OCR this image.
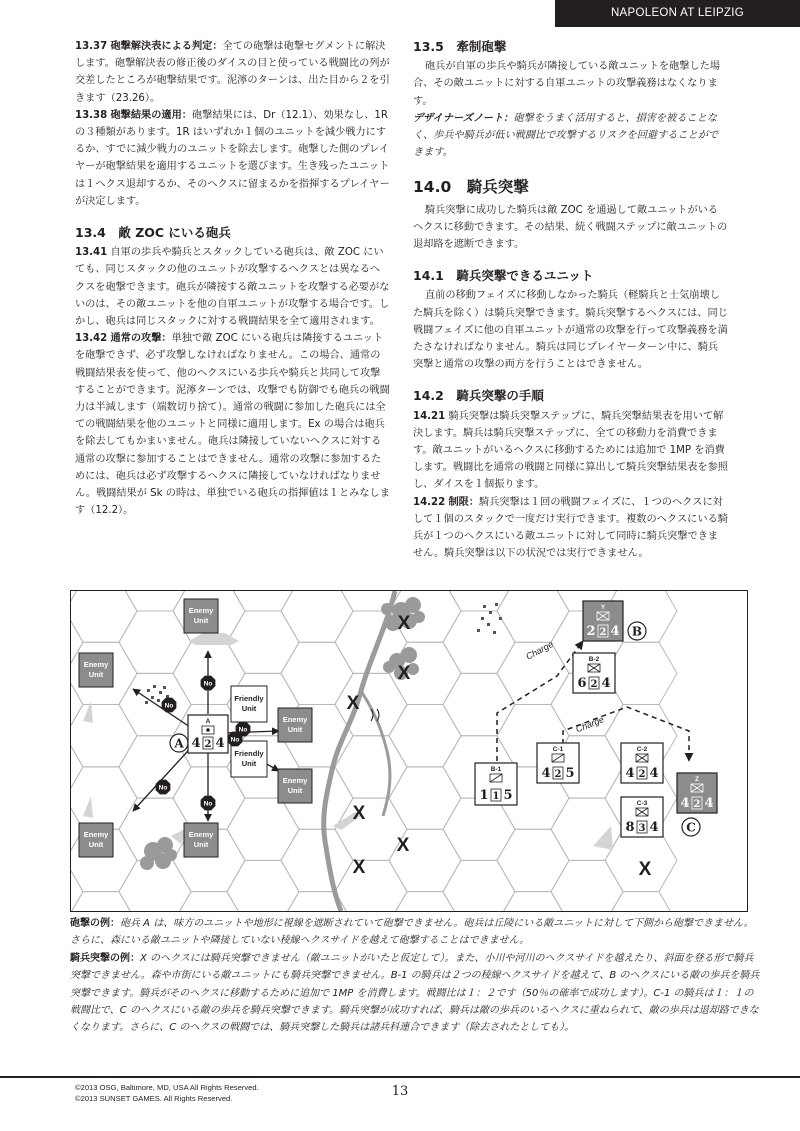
NAPOLEON AT LEIPZIG

13.37 砲撃解決表による判定：全ての砲撃は砲撃セグメントに解決します。砲撃解決表の修正後のダイスの目と使っている戦闘比の列が交差したところが砲撃結果です。泥濘のターンは、出た目から２を引きます（23.26）。

13.38 砲撃結果の適用：砲撃結果には、Dr（12.1）、効果なし、1R の３種類があります。1R はいずれか１個のユニットを減少戦力にするか、すでに減少戦力のユニットを除去します。砲撃した側のプレイヤーが砲撃結果を適用するユニットを選びます。生き残ったユニットは１ヘクス退却するか、そのヘクスに留まるかを指揮するプレイヤーが決定します。

13.4　敵 ZOC にいる砲兵

13.41 自軍の歩兵や騎兵とスタックしている砲兵は、敵 ZOC にいても、同じスタックの他のユニットが攻撃するヘクスとは異なるヘクスを砲撃できます。砲兵が隣接する敵ユニットを攻撃する必要がないのは、その敵ユニットを他の自軍ユニットが攻撃する場合です。しかし、砲兵は同じスタックに対する戦闘結果を全て適用されます。

13.42 通常の攻撃：単独で敵 ZOC にいる砲兵は隣接するユニットを砲撃できず、必ず攻撃しなければなりません。この場合、通常の戦闘結果表を使って、他のヘクスにいる歩兵や騎兵と共同して攻撃することができます。泥濘ターンでは、攻撃でも防御でも砲兵の戦闘力は半減します（端数切り捨て）。通常の戦闘に参加した砲兵には全ての戦闘結果を他のユニットと同様に適用します。Ex の場合は砲兵を除去してもかまいません。砲兵は隣接していないヘクスに対する通常の攻撃に参加することはできません。通常の攻撃に参加するためには、砲兵は必ず攻撃するヘクスに隣接していなければなりません。戦闘結果が Sk の時は、単独でいる砲兵の指揮値は１とみなします（12.2）。

13.5　牽制砲撃

砲兵が自軍の歩兵や騎兵が隣接している敵ユニットを砲撃した場合、その敵ユニットに対する自軍ユニットの攻撃義務はなくなります。

デザイナーズノート：砲撃をうまく活用すると、損害を被ることなく、歩兵や騎兵が低い戦闘比で攻撃するリスクを回避することができます。

14.0　騎兵突撃

騎兵突撃に成功した騎兵は敵 ZOC を通過して敵ユニットがいるヘクスに移動できます。その結果、続く戦闘ステップに敵ユニットの退却路を遮断できます。

14.1　騎兵突撃できるユニット

直前の移動フェイズに移動しなかった騎兵（軽騎兵と士気崩壊した騎兵を除く）は騎兵突撃できます。騎兵突撃するヘクスには、同じ戦闘フェイズに他の自軍ユニットが通常の攻撃を行って攻撃義務を満たさなければなりません。騎兵は同じプレイヤーターン中に、騎兵突撃と通常の攻撃の両方を行うことはできません。

14.2　騎兵突撃の手順

14.21 騎兵突撃は騎兵突撃ステップに、騎兵突撃結果表を用いて解決します。騎兵は騎兵突撃ステップに、全ての移動力を消費できます。敵ユニットがいるヘクスに移動するためには追加で 1MP を消費します。戦闘比を通常の戦闘と同様に算出して騎兵突撃結果表を参照し、ダイスを１個振ります。

14.22 制限：騎兵突撃は１回の戦闘フェイズに、１つのヘクスに対して１個のスタックで一度だけ実行できます。複数のヘクスにいる騎兵が１つのヘクスにいる敵ユニットに対して同時に騎兵突撃できません。騎兵突撃は以下の状況では実行できません。

X
X
X
X
X
X	X
Charge
Charge
A
B
C
Enemy
Unit
Enemy
Unit
Enemy
Unit
Enemy
Unit
Enemy
Unit
Enemy
Unit
Friendly
Unit
Friendly
Unit
No
No
No
No
No
No
A
4 2 4
B-2
6 2 4
Y
2 2 4
B-1
1 1 5
C-1
4 2 5
C-2
4 2 4	Z
4 2 4
C-3
8 3 4
砲撃の例：砲兵 A は、味方のユニットや地形に視線を遮断されていて砲撃できません。砲兵は丘陵にいる敵ユニットに対して下側から砲撃できません。さらに、森にいる敵ユニットや隣接していない稜線ヘクスサイドを越えて砲撃することはできません。
騎兵突撃の例：X のヘクスには騎兵突撃できません（敵ユニットがいたと仮定して）。また、小川や河川のヘクスサイドを越えたり、斜面を登る形で騎兵突撃できません。森や市街にいる敵ユニットにも騎兵突撃できません。B-1 の騎兵は２つの稜線ヘクスサイドを越えて、B のヘクスにいる敵の歩兵を騎兵突撃できます。騎兵がそのヘクスに移動するために追加で 1MP を消費します。戦闘比は１：２です（50％の確率で成功します）。C-1 の騎兵は１：１の戦闘比で、C のヘクスにいる敵の歩兵を騎兵突撃できます。騎兵突撃が成功すれば、騎兵は敵の歩兵のいるヘクスに重ねられて、敵の歩兵は退却路できなくなります。さらに、C のヘクスの戦闘では、騎兵突撃した騎兵は諸兵科連合できます（除去されたとしても）。
©2013 OSG, Baltimore, MD, USA All Rights Reserved.
©2013 SUNSET GAMES. All Rights Reserved.	13
